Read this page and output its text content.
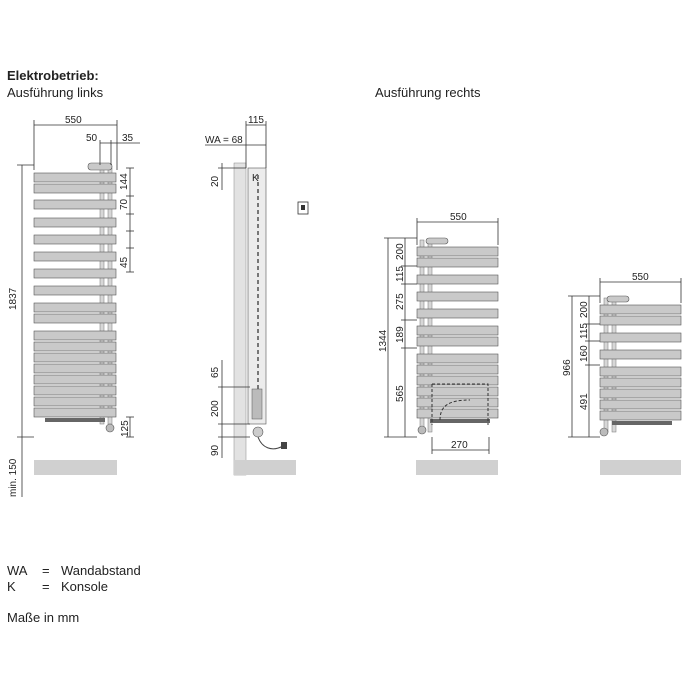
Elektrobetrieb:
Ausführung links	Ausführung rechts
550
50 35
1837
min. 150
144
70
45
125
K
115
WA = 68
20
65
200
90
550
1344
200
115
275
189
565
270
550
966
200
115
160
491
WA = Wandabstand
K = Konsole
Maße in mm
